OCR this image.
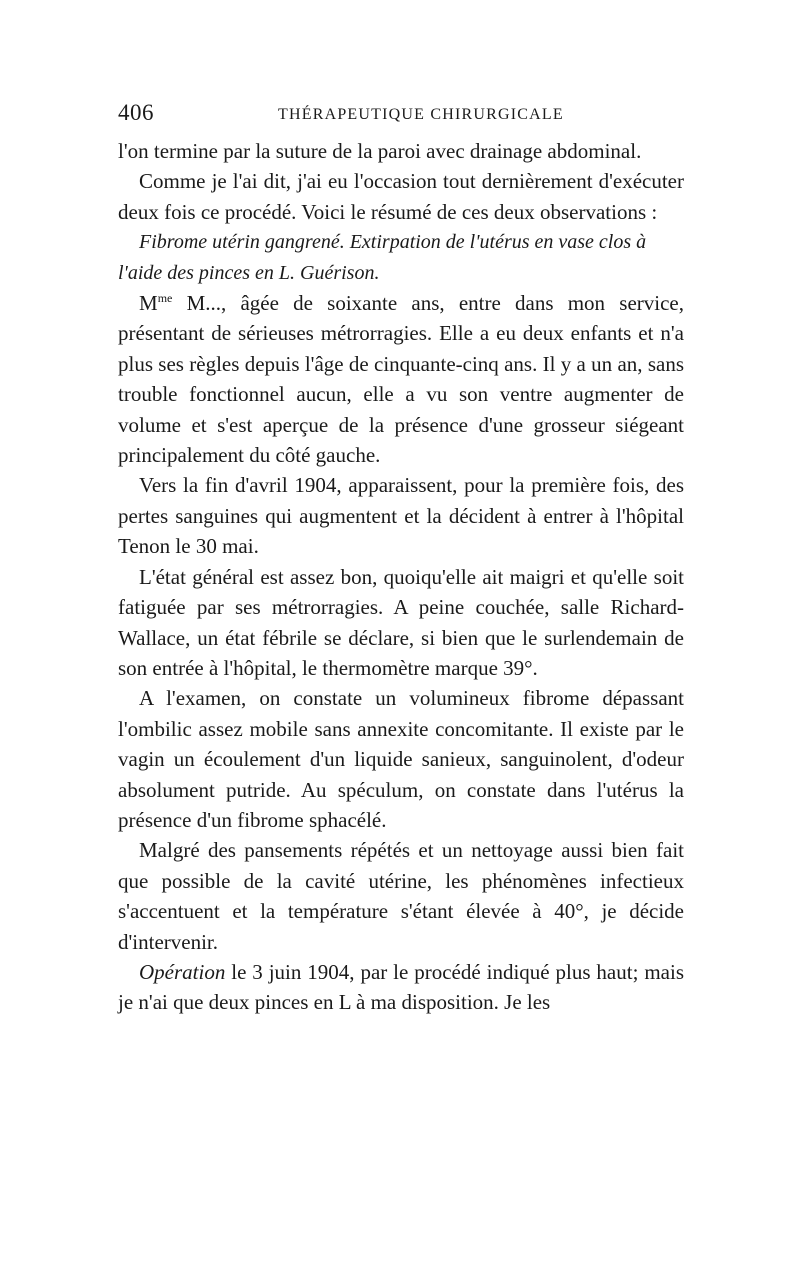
406	THÉRAPEUTIQUE CHIRURGICALE

l'on termine par la suture de la paroi avec drainage abdominal.

Comme je l'ai dit, j'ai eu l'occasion tout dernièrement d'exécuter deux fois ce procédé. Voici le résumé de ces deux observations :

Fibrome utérin gangrené. Extirpation de l'utérus en vase clos à
l'aide des pinces en L. Guérison.

$M^{me}$ M..., âgée de soixante ans, entre dans mon service, présentant de sérieuses métrorragies. Elle a eu deux enfants et n'a plus ses règles depuis l'âge de cinquante-cinq ans. Il y a un an, sans trouble fonctionnel aucun, elle a vu son ventre augmenter de volume et s'est aperçue de la présence d'une grosseur siégeant principalement du côté gauche.

Vers la fin d'avril 1904, apparaissent, pour la première fois, des pertes sanguines qui augmentent et la décident à entrer à l'hôpital Tenon le 30 mai.

L'état général est assez bon, quoiqu'elle ait maigri et qu'elle soit fatiguée par ses métrorragies. A peine couchée, salle Richard-Wallace, un état fébrile se déclare, si bien que le surlendemain de son entrée à l'hôpital, le thermomètre marque 39°.

A l'examen, on constate un volumineux fibrome dépassant l'ombilic assez mobile sans annexite concomitante. Il existe par le vagin un écoulement d'un liquide sanieux, sanguinolent, d'odeur absolument putride. Au spéculum, on constate dans l'utérus la présence d'un fibrome sphacélé.

Malgré des pansements répétés et un nettoyage aussi bien fait que possible de la cavité utérine, les phénomènes infectieux s'accentuent et la température s'étant élevée à 40°, je décide d'intervenir.

Opération le 3 juin 1904, par le procédé indiqué plus haut; mais je n'ai que deux pinces en L à ma disposition. Je les
